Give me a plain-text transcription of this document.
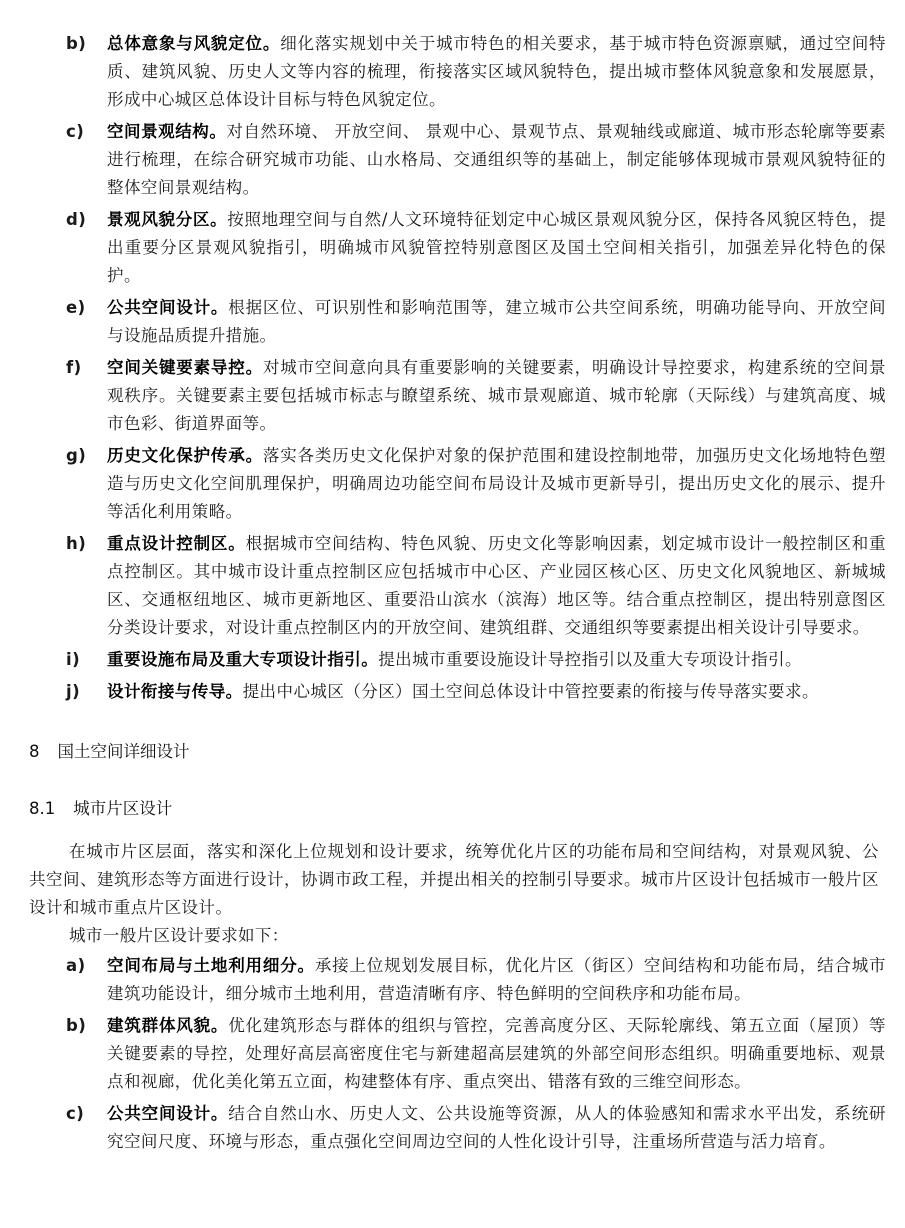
b) 总体意象与风貌定位。细化落实规划中关于城市特色的相关要求，基于城市特色资源禀赋，通过空间特质、建筑风貌、历史人文等内容的梳理，衔接落实区域风貌特色，提出城市整体风貌意象和发展愿景，形成中心城区总体设计目标与特色风貌定位。
c) 空间景观结构。对自然环境、 开放空间、 景观中心、景观节点、景观轴线或廊道、城市形态轮廓等要素进行梳理，在综合研究城市功能、山水格局、交通组织等的基础上，制定能够体现城市景观风貌特征的整体空间景观结构。
d) 景观风貌分区。按照地理空间与自然/人文环境特征划定中心城区景观风貌分区，保持各风貌区特色，提出重要分区景观风貌指引，明确城市风貌管控特别意图区及国土空间相关指引，加强差异化特色的保护。
e) 公共空间设计。根据区位、可识别性和影响范围等，建立城市公共空间系统，明确功能导向、开放空间与设施品质提升措施。
f) 空间关键要素导控。对城市空间意向具有重要影响的关键要素，明确设计导控要求，构建系统的空间景观秩序。关键要素主要包括城市标志与瞭望系统、城市景观廊道、城市轮廓（天际线）与建筑高度、城市色彩、街道界面等。
g) 历史文化保护传承。落实各类历史文化保护对象的保护范围和建设控制地带，加强历史文化场地特色塑造与历史文化空间肌理保护，明确周边功能空间布局设计及城市更新导引，提出历史文化的展示、提升等活化利用策略。
h) 重点设计控制区。根据城市空间结构、特色风貌、历史文化等影响因素，划定城市设计一般控制区和重点控制区。其中城市设计重点控制区应包括城市中心区、产业园区核心区、历史文化风貌地区、新城城区、交通枢纽地区、城市更新地区、重要沿山滨水（滨海）地区等。结合重点控制区，提出特别意图区分类设计要求，对设计重点控制区内的开放空间、建筑组群、交通组织等要素提出相关设计引导要求。
i) 重要设施布局及重大专项设计指引。提出城市重要设施设计导控指引以及重大专项设计指引。
j) 设计衔接与传导。提出中心城区（分区）国土空间总体设计中管控要素的衔接与传导落实要求。
8 国土空间详细设计
8.1 城市片区设计
在城市片区层面，落实和深化上位规划和设计要求，统筹优化片区的功能布局和空间结构，对景观风貌、公共空间、建筑形态等方面进行设计，协调市政工程，并提出相关的控制引导要求。城市片区设计包括城市一般片区设计和城市重点片区设计。
城市一般片区设计要求如下：
a) 空间布局与土地利用细分。承接上位规划发展目标，优化片区（街区）空间结构和功能布局，结合城市建筑功能设计，细分城市土地利用，营造清晰有序、特色鲜明的空间秩序和功能布局。
b) 建筑群体风貌。优化建筑形态与群体的组织与管控，完善高度分区、天际轮廓线、第五立面（屋顶）等关键要素的导控，处理好高层高密度住宅与新建超高层建筑的外部空间形态组织。明确重要地标、观景点和视廊，优化美化第五立面，构建整体有序、重点突出、错落有致的三维空间形态。
c) 公共空间设计。结合自然山水、历史人文、公共设施等资源，从人的体验感知和需求水平出发，系统研究空间尺度、环境与形态，重点强化空间周边空间的人性化设计引导，注重场所营造与活力培育。
